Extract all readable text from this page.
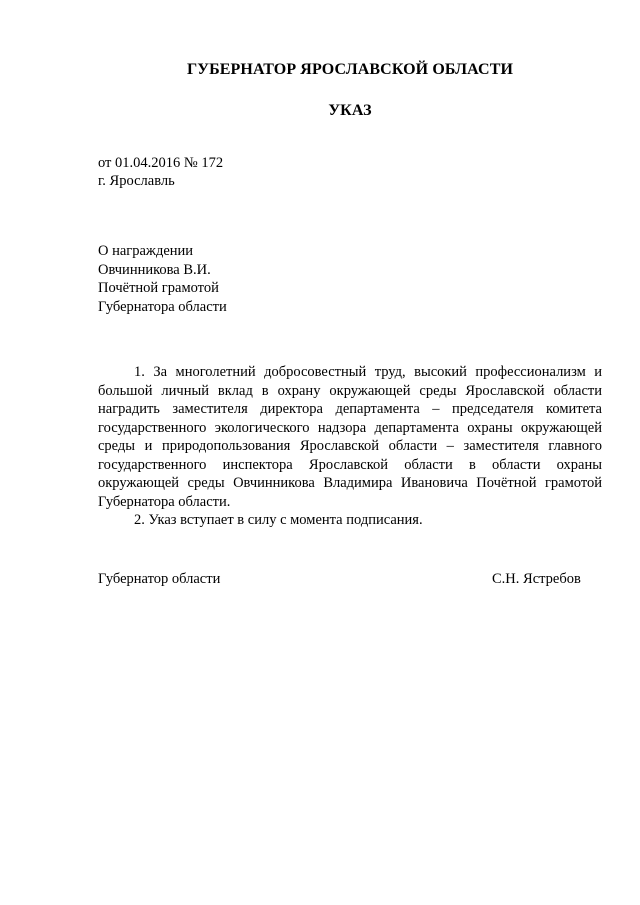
ГУБЕРНАТОР ЯРОСЛАВСКОЙ ОБЛАСТИ
УКАЗ
от 01.04.2016 № 172
г. Ярославль
О награждении
Овчинникова В.И.
Почётной грамотой
Губернатора области

1. За многолетний добросовестный труд, высокий профессионализм и большой личный вклад в охрану окружающей среды Ярославской области наградить заместителя директора департамента – председателя комитета государственного экологического надзора департамента охраны окружающей среды и природопользования Ярославской области – заместителя главного государственного инспектора Ярославской области в области охраны окружающей среды Овчинникова Владимира Ивановича Почётной грамотой Губернатора области.

2. Указ вступает в силу с момента подписания.

Губернатор области	С.Н. Ястребов
